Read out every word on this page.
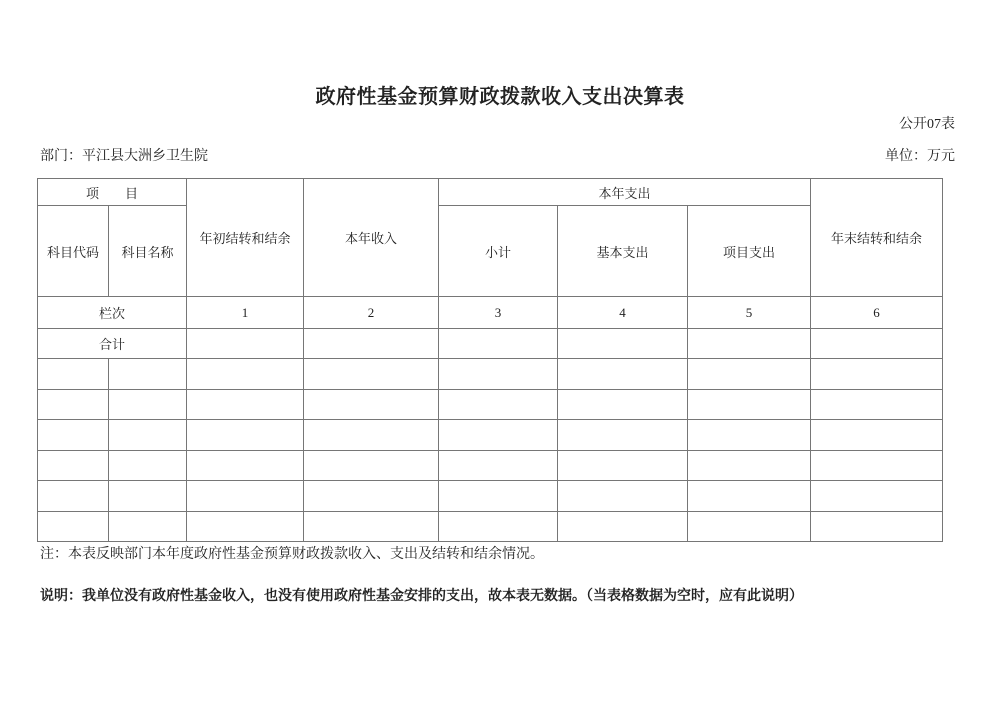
政府性基金预算财政拨款收入支出决算表
公开07表
部门：平江县大洲乡卫生院	单位：万元
项　　目		年初结转和结余	本年收入	本年支出			年末结转和结余
科目代码	科目名称			小计	基本支出	项目支出	
栏次		1	2	3	4	5	6
合计							

注：本表反映部门本年度政府性基金预算财政拨款收入、支出及结转和结余情况。
说明：我单位没有政府性基金收入，也没有使用政府性基金安排的支出，故本表无数据。（当表格数据为空时，应有此说明）
